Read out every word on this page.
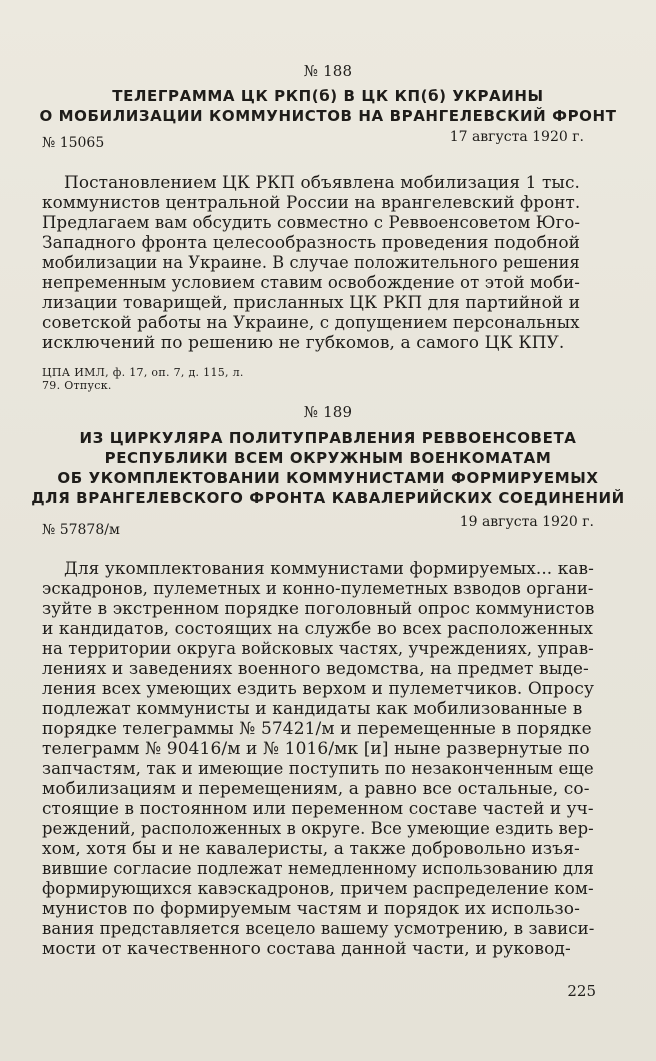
№ 188
ТЕЛЕГРАММА ЦК РКП(б) В ЦК КП(б) УКРАИНЫ
О МОБИЛИЗАЦИИ КОММУНИСТОВ НА ВРАНГЕЛЕВСКИЙ ФРОНТ
№ 15065	17 августа 1920 г.
Постановлением ЦК РКП объявлена мобилизация 1 тыс.
коммунистов центральной России на врангелевский фронт.
Предлагаем вам обсудить совместно с Реввоенсоветом Юго-
Западного фронта целесообразность проведения подобной
мобилизации на Украине. В случае положительного решения
непременным условием ставим освобождение от этой моби-
лизации товарищей, присланных ЦК РКП для партийной и
советской работы на Украине, с допущением персональных
исключений по решению не губкомов, а самого ЦК КПУ.
ЦПА ИМЛ, ф. 17, оп. 7, д. 115, л.
79. Отпуск.
№ 189
ИЗ ЦИРКУЛЯРА ПОЛИТУПРАВЛЕНИЯ РЕВВОЕНСОВЕТА
РЕСПУБЛИКИ ВСЕМ ОКРУЖНЫМ ВОЕНКОМАТАМ
ОБ УКОМПЛЕКТОВАНИИ КОММУНИСТАМИ ФОРМИРУЕМЫХ
ДЛЯ ВРАНГЕЛЕВСКОГО ФРОНТА КАВАЛЕРИЙСКИХ СОЕДИНЕНИЙ
№ 57878/м	19 августа 1920 г.
Для укомплектования коммунистами формируемых... кав-
эскадронов, пулеметных и конно-пулеметных взводов органи-
зуйте в экстренном порядке поголовный опрос коммунистов
и кандидатов, состоящих на службе во всех расположенных
на территории округа войсковых частях, учреждениях, управ-
лениях и заведениях военного ведомства, на предмет выде-
ления всех умеющих ездить верхом и пулеметчиков. Опросу
подлежат коммунисты и кандидаты как мобилизованные в
порядке телеграммы № 57421/м и перемещенные в порядке
телеграмм № 90416/м и № 1016/мк [и] ныне развернутые по
запчастям, так и имеющие поступить по незаконченным еще
мобилизациям и перемещениям, а равно все остальные, со-
стоящие в постоянном или переменном составе частей и уч-
реждений, расположенных в округе. Все умеющие ездить вер-
хом, хотя бы и не кавалеристы, а также добровольно изъя-
вившие согласие подлежат немедленному использованию для
формирующихся кавэскадронов, причем распределение ком-
мунистов по формируемым частям и порядок их использо-
вания представляется всецело вашему усмотрению, в зависи-
мости от качественного состава данной части, и руковод-
225
